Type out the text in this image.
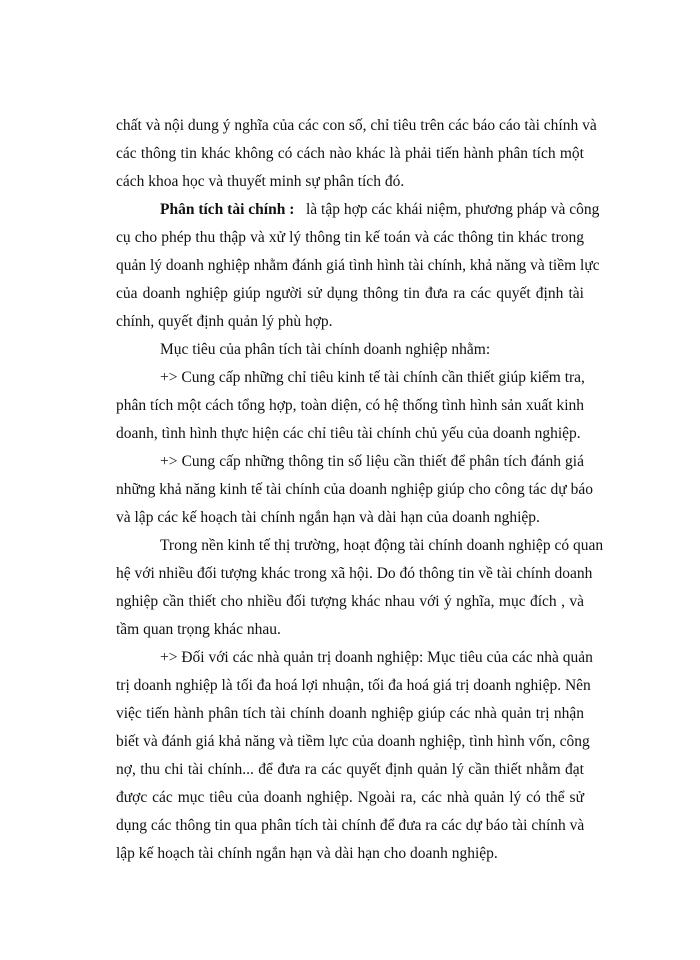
chất và nội dung ý nghĩa của các con số, chỉ tiêu trên các báo cáo tài chính và
các thông tin khác không có cách nào khác là phải tiến hành phân tích một
cách khoa học và thuyết minh sự phân tích đó.
Phân tích tài chính : là tập hợp các khái niệm, phương pháp và công
cụ cho phép thu thập và xử lý thông tin kế toán và các thông tin khác trong
quản lý doanh nghiệp nhằm đánh giá tình hình tài chính, khả năng và tiềm lực
của doanh nghiệp giúp người sử dụng thông tin đưa ra các quyết định tài
chính, quyết định quản lý phù hợp.
Mục tiêu của phân tích tài chính doanh nghiệp nhằm:
+> Cung cấp những chỉ tiêu kinh tế tài chính cần thiết giúp kiểm tra,
phân tích một cách tổng hợp, toàn diện, có hệ thống tình hình sản xuất kinh
doanh, tình hình thực hiện các chỉ tiêu tài chính chủ yếu của doanh nghiệp.
+> Cung cấp những thông tin số liệu cần thiết để phân tích đánh giá
những khả năng kinh tế tài chính của doanh nghiệp giúp cho công tác dự báo
và lập các kế hoạch tài chính ngắn hạn và dài hạn của doanh nghiệp.
Trong nền kinh tế thị trường, hoạt động tài chính doanh nghiệp có quan
hệ với nhiều đối tượng khác trong xã hội. Do đó thông tin về tài chính doanh
nghiệp cần thiết cho nhiều đối tượng khác nhau với ý nghĩa, mục đích , và
tầm quan trọng khác nhau.
+> Đối với các nhà quản trị doanh nghiệp: Mục tiêu của các nhà quản
trị doanh nghiệp là tối đa hoá lợi nhuận, tối đa hoá giá trị doanh nghiệp. Nên
việc tiến hành phân tích tài chính doanh nghiệp giúp các nhà quản trị nhận
biết và đánh giá khả năng và tiềm lực của doanh nghiệp, tình hình vốn, công
nợ, thu chi tài chính... để đưa ra các quyết định quản lý cần thiết nhằm đạt
được các mục tiêu của doanh nghiệp. Ngoài ra, các nhà quản lý có thể sử
dụng các thông tin qua phân tích tài chính để đưa ra các dự báo tài chính và
lập kế hoạch tài chính ngắn hạn và dài hạn cho doanh nghiệp.
